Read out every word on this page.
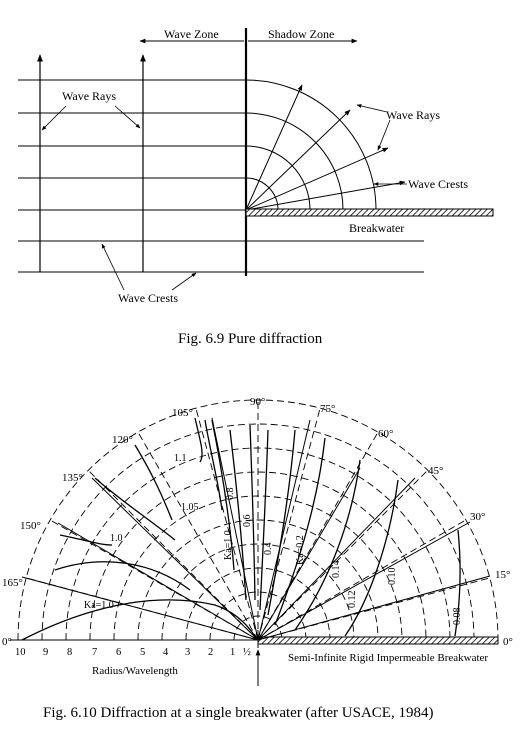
Wave Zone	Shadow Zone
Wave Rays
Wave Rays
Wave Crests
Breakwater
Wave Crests
Fig. 6.9 Pure diffraction
0°
15°
30°
45°
60°
75°
90°
105°
120°
135°
150°
165°
0°
10 9 8 7 6 5 4 3 2 1 ½
Radius/Wavelength
Semi-Infinite Rigid Impermeable Breakwater
1.1
1.05
1.0
Ka=1.0
0.8
Ka=1.0
0.6
0.4 Ka=0.2
0.14
0.12
0.10
0.08
Fig. 6.10 Diffraction at a single breakwater (after USACE, 1984)
